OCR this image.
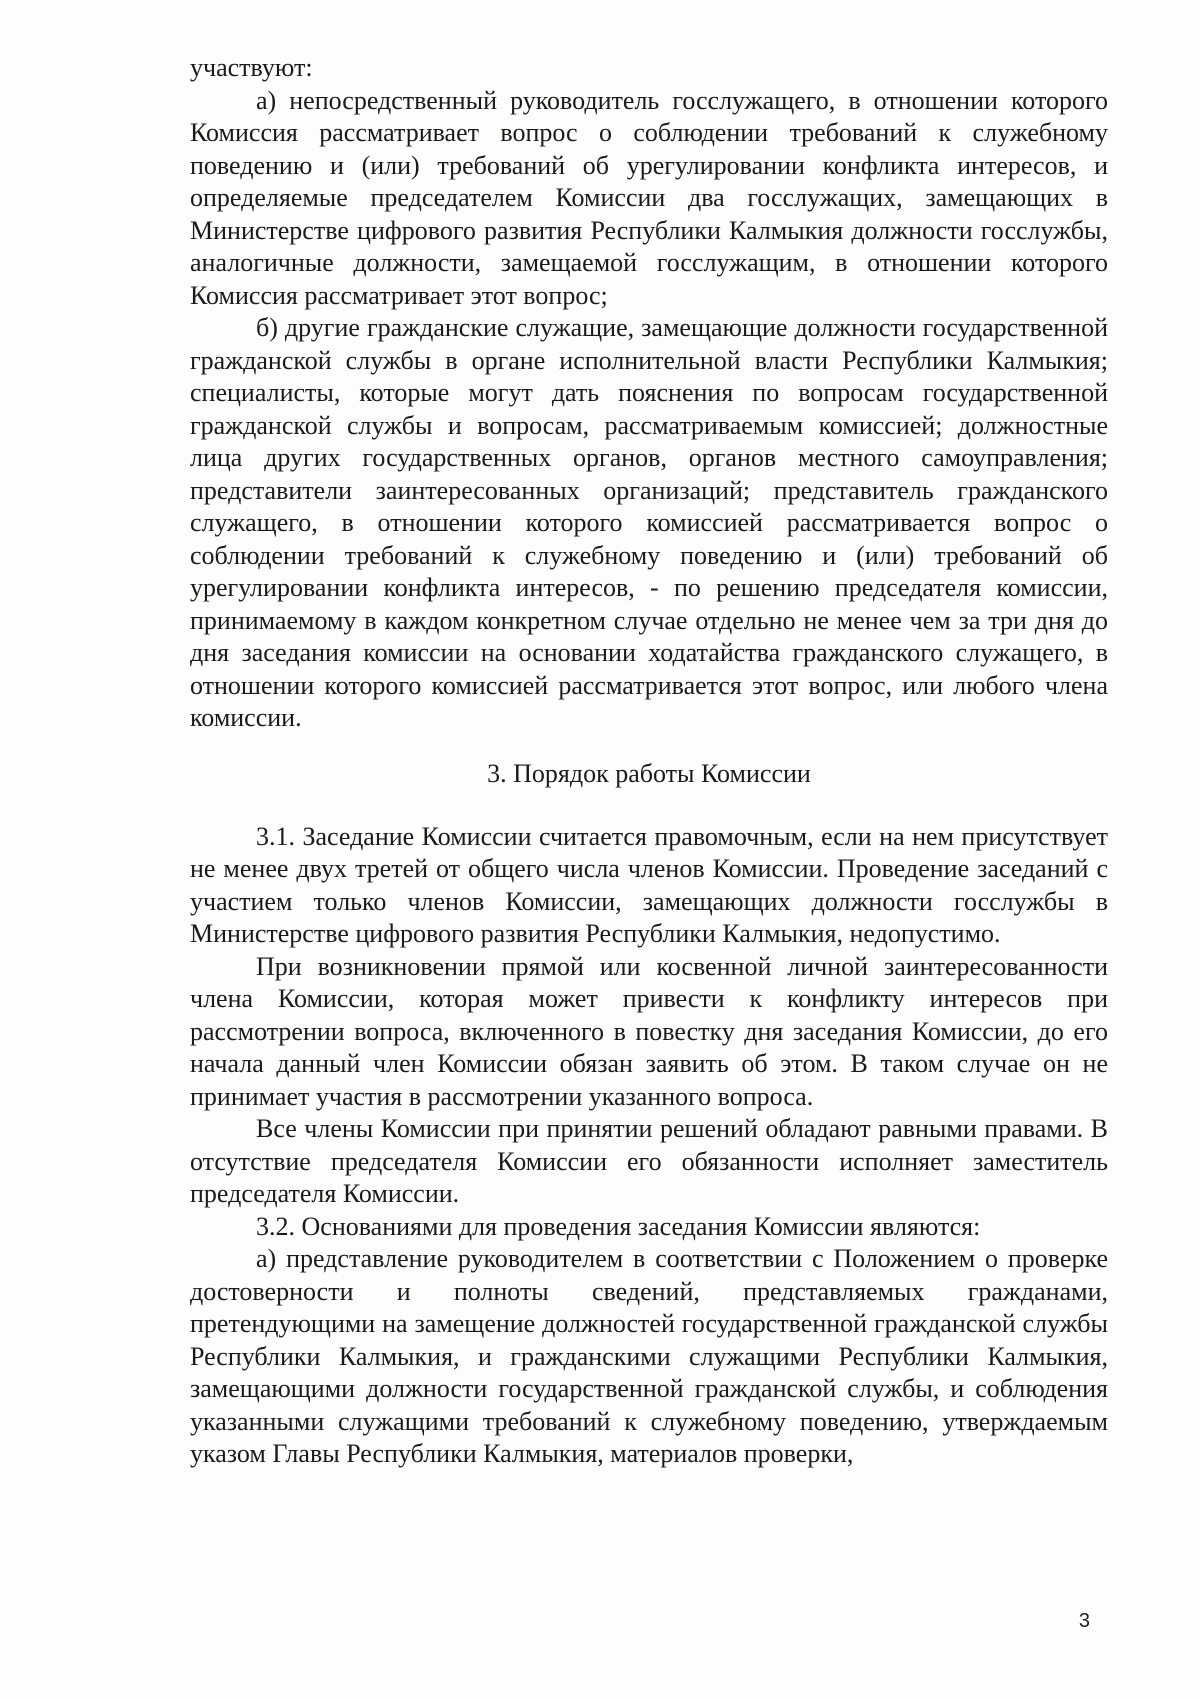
участвуют:

а) непосредственный руководитель госслужащего, в отношении которого Комиссия рассматривает вопрос о соблюдении требований к служебному поведению и (или) требований об урегулировании конфликта интересов, и определяемые председателем Комиссии два госслужащих, замещающих в Министерстве цифрового развития Республики Калмыкия должности госслужбы, аналогичные должности, замещаемой госслужащим, в отношении которого Комиссия рассматривает этот вопрос;

б) другие гражданские служащие, замещающие должности государственной гражданской службы в органе исполнительной власти Республики Калмыкия; специалисты, которые могут дать пояснения по вопросам государственной гражданской службы и вопросам, рассматриваемым комиссией; должностные лица других государственных органов, органов местного самоуправления; представители заинтересованных организаций; представитель гражданского служащего, в отношении которого комиссией рассматривается вопрос о соблюдении требований к служебному поведению и (или) требований об урегулировании конфликта интересов, - по решению председателя комиссии, принимаемому в каждом конкретном случае отдельно не менее чем за три дня до дня заседания комиссии на основании ходатайства гражданского служащего, в отношении которого комиссией рассматривается этот вопрос, или любого члена комиссии.

3. Порядок работы Комиссии

3.1. Заседание Комиссии считается правомочным, если на нем присутствует не менее двух третей от общего числа членов Комиссии. Проведение заседаний с участием только членов Комиссии, замещающих должности госслужбы в Министерстве цифрового развития Республики Калмыкия, недопустимо.

При возникновении прямой или косвенной личной заинтересованности члена Комиссии, которая может привести к конфликту интересов при рассмотрении вопроса, включенного в повестку дня заседания Комиссии, до его начала данный член Комиссии обязан заявить об этом. В таком случае он не принимает участия в рассмотрении указанного вопроса.

Все члены Комиссии при принятии решений обладают равными правами. В отсутствие председателя Комиссии его обязанности исполняет заместитель председателя Комиссии.

3.2. Основаниями для проведения заседания Комиссии являются:

а) представление руководителем в соответствии с Положением о проверке достоверности и полноты сведений, представляемых гражданами, претендующими на замещение должностей государственной гражданской службы Республики Калмыкия, и гражданскими служащими Республики Калмыкия, замещающими должности государственной гражданской службы, и соблюдения указанными служащими требований к служебному поведению, утверждаемым указом Главы Республики Калмыкия, материалов проверки,

3
